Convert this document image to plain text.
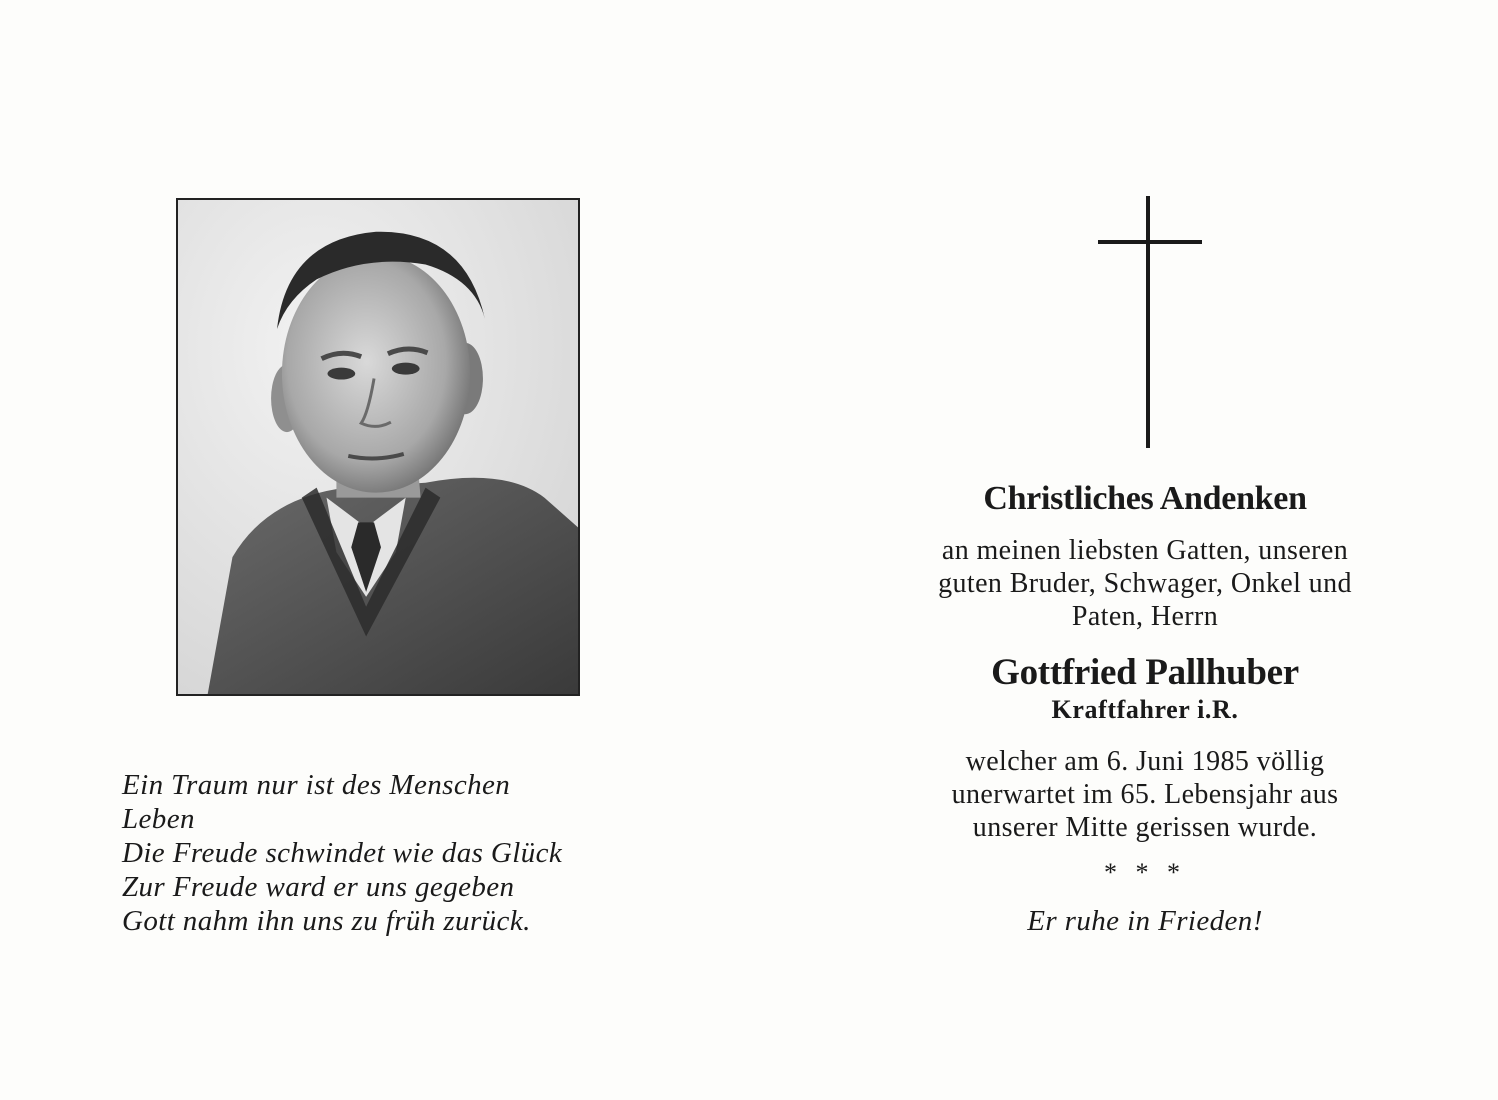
Ein Traum nur ist des Menschen
Leben
Die Freude schwindet wie das Glück
Zur Freude ward er uns gegeben
Gott nahm ihn uns zu früh zurück.
Christliches Andenken
an meinen liebsten Gatten, unseren
guten Bruder, Schwager, Onkel und
Paten, Herrn
Gottfried Pallhuber
Kraftfahrer i.R.
welcher am 6. Juni 1985 völlig
unerwartet im 65. Lebensjahr aus
unserer Mitte gerissen wurde.
* * *
Er ruhe in Frieden!
